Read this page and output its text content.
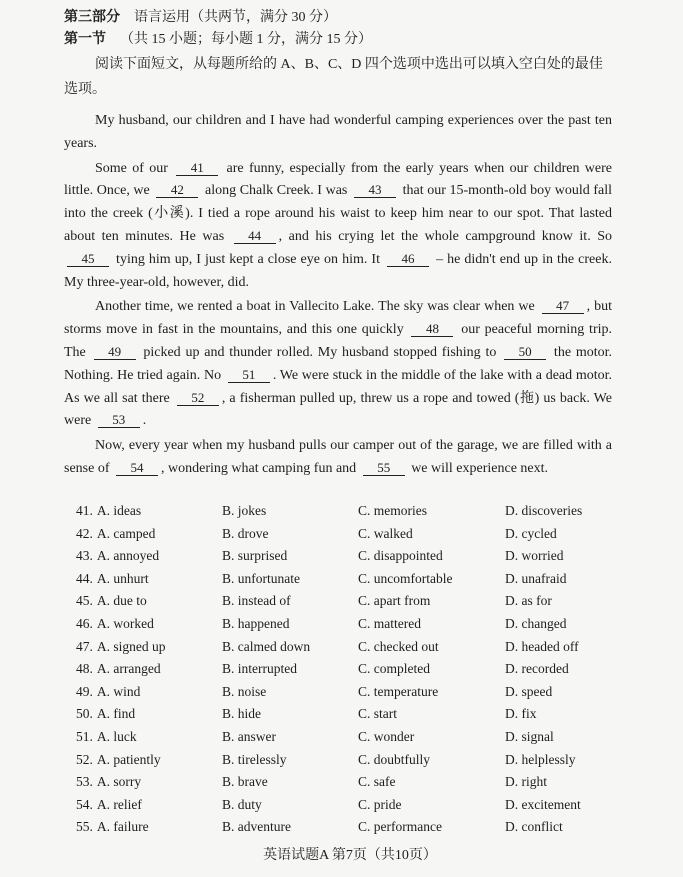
第三部分 语言运用（共两节，满分 30 分）
第一节 （共 15 小题；每小题 1 分，满分 15 分）
阅读下面短文，从每题所给的 A、B、C、D 四个选项中选出可以填入空白处的最佳选项。

My husband, our children and I have had wonderful camping experiences over the past ten years.

Some of our 41 are funny, especially from the early years when our children were little. Once, we 42 along Chalk Creek. I was 43 that our 15-month-old boy would fall into the creek (小溪). I tied a rope around his waist to keep him near to our spot. That lasted about ten minutes. He was 44 , and his crying let the whole campground know it. So 45 tying him up, I just kept a close eye on him. It 46 – he didn't end up in the creek. My three-year-old, however, did.

Another time, we rented a boat in Vallecito Lake. The sky was clear when we 47 , but storms move in fast in the mountains, and this one quickly 48 our peaceful morning trip. The 49 picked up and thunder rolled. My husband stopped fishing to 50 the motor. Nothing. He tried again. No 51 . We were stuck in the middle of the lake with a dead motor. As we all sat there 52 , a fisherman pulled up, threw us a rope and towed (拖) us back. We were 53 .

Now, every year when my husband pulls our camper out of the garage, we are filled with a sense of 54 , wondering what camping fun and 55 we will experience next.

41. A. ideas	B. jokes	C. memories	D. discoveries
42. A. camped	B. drove	C. walked	D. cycled
43. A. annoyed	B. surprised	C. disappointed	D. worried
44. A. unhurt	B. unfortunate	C. uncomfortable	D. unafraid
45. A. due to	B. instead of	C. apart from	D. as for
46. A. worked	B. happened	C. mattered	D. changed
47. A. signed up	B. calmed down	C. checked out	D. headed off
48. A. arranged	B. interrupted	C. completed	D. recorded
49. A. wind	B. noise	C. temperature	D. speed
50. A. find	B. hide	C. start	D. fix
51. A. luck	B. answer	C. wonder	D. signal
52. A. patiently	B. tirelessly	C. doubtfully	D. helplessly
53. A. sorry	B. brave	C. safe	D. right
54. A. relief	B. duty	C. pride	D. excitement
55. A. failure	B. adventure	C. performance	D. conflict
英语试题A 第7页（共10页）
